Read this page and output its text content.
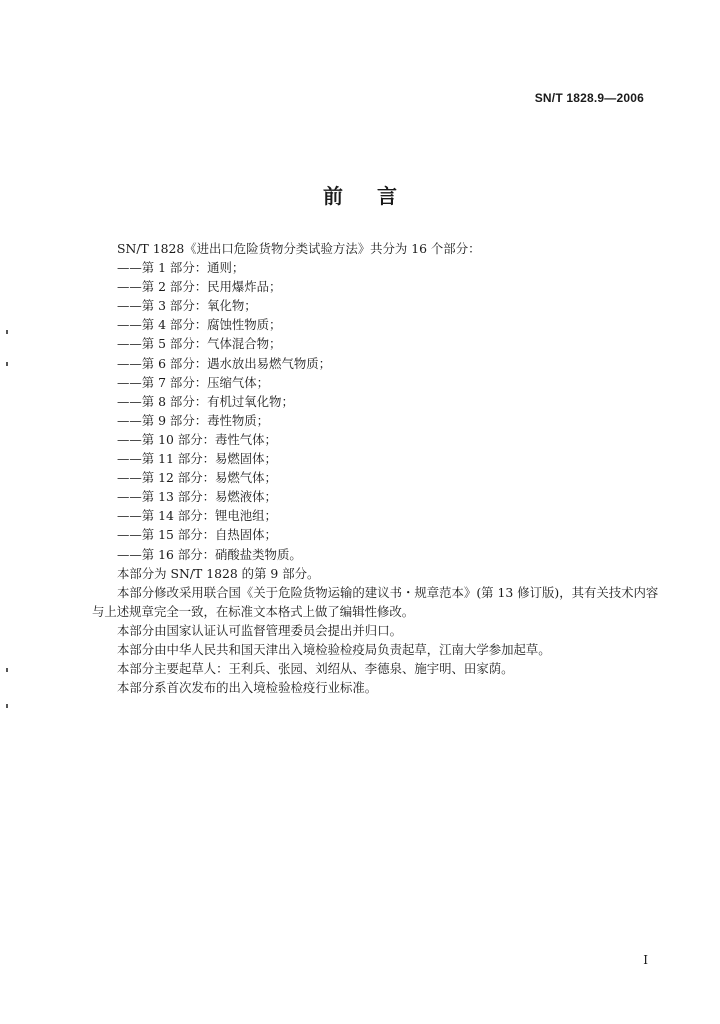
SN/T 1828.9—2006
前言

SN/T 1828《进出口危险货物分类试验方法》共分为 16 个部分：

——第 1 部分：通则；

——第 2 部分：民用爆炸品；

——第 3 部分：氧化物；

——第 4 部分：腐蚀性物质；

——第 5 部分：气体混合物；

——第 6 部分：遇水放出易燃气物质；

——第 7 部分：压缩气体；

——第 8 部分：有机过氧化物；

——第 9 部分：毒性物质；

——第 10 部分：毒性气体；

——第 11 部分：易燃固体；

——第 12 部分：易燃气体；

——第 13 部分：易燃液体；

——第 14 部分：锂电池组；

——第 15 部分：自热固体；

——第 16 部分：硝酸盐类物质。

本部分为 SN/T 1828 的第 9 部分。

本部分修改采用联合国《关于危险货物运输的建议书・规章范本》(第 13 修订版)，其有关技术内容

与上述规章完全一致，在标准文本格式上做了编辑性修改。

本部分由国家认证认可监督管理委员会提出并归口。

本部分由中华人民共和国天津出入境检验检疫局负责起草，江南大学参加起草。

本部分主要起草人：王利兵、张园、刘绍从、李德泉、施宇明、田家荫。

本部分系首次发布的出入境检验检疫行业标准。

I
